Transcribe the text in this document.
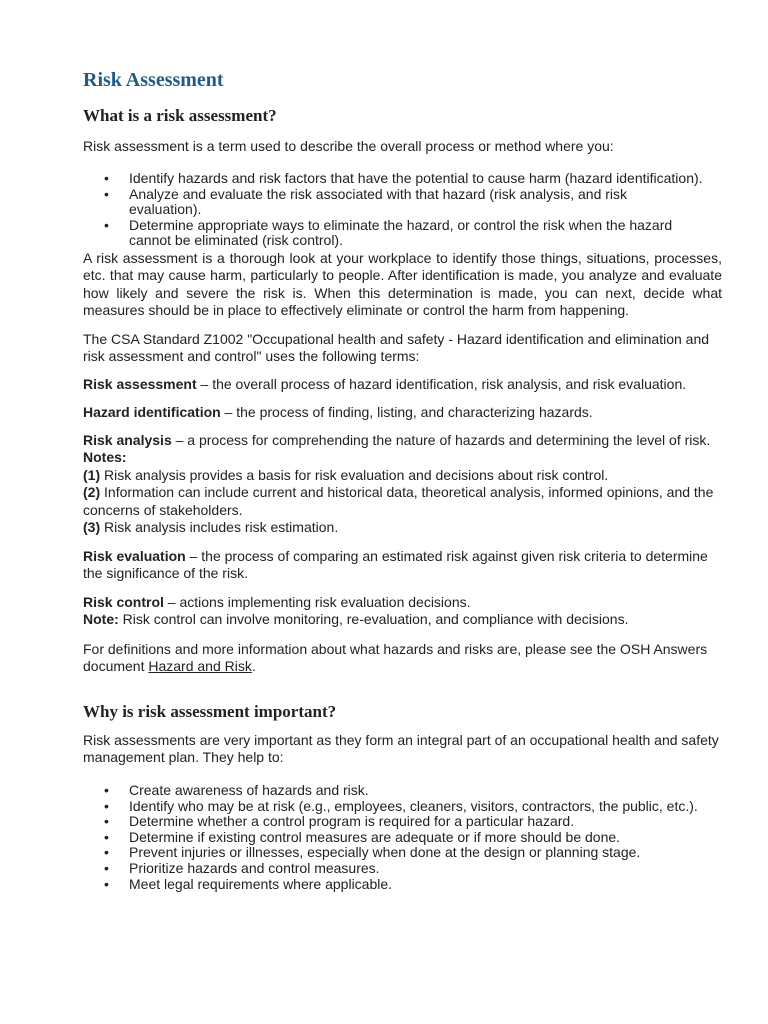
Risk Assessment
What is a risk assessment?

Risk assessment is a term used to describe the overall process or method where you:

• Identify hazards and risk factors that have the potential to cause harm (hazard identification).
• Analyze and evaluate the risk associated with that hazard (risk analysis, and risk evaluation).
• Determine appropriate ways to eliminate the hazard, or control the risk when the hazard cannot be eliminated (risk control).

A risk assessment is a thorough look at your workplace to identify those things, situations, processes, etc. that may cause harm, particularly to people. After identification is made, you analyze and evaluate how likely and severe the risk is. When this determination is made, you can next, decide what measures should be in place to effectively eliminate or control the harm from happening.

The CSA Standard Z1002 "Occupational health and safety - Hazard identification and elimination and risk assessment and control" uses the following terms:

Risk assessment – the overall process of hazard identification, risk analysis, and risk evaluation.

Hazard identification – the process of finding, listing, and characterizing hazards.

Risk analysis – a process for comprehending the nature of hazards and determining the level of risk.
Notes:
(1) Risk analysis provides a basis for risk evaluation and decisions about risk control.
(2) Information can include current and historical data, theoretical analysis, informed opinions, and the concerns of stakeholders.
(3) Risk analysis includes risk estimation.

Risk evaluation – the process of comparing an estimated risk against given risk criteria to determine the significance of the risk.

Risk control – actions implementing risk evaluation decisions.
Note: Risk control can involve monitoring, re-evaluation, and compliance with decisions.

For definitions and more information about what hazards and risks are, please see the OSH Answers document Hazard and Risk.

Why is risk assessment important?

Risk assessments are very important as they form an integral part of an occupational health and safety management plan. They help to:

• Create awareness of hazards and risk.
• Identify who may be at risk (e.g., employees, cleaners, visitors, contractors, the public, etc.).
• Determine whether a control program is required for a particular hazard.
• Determine if existing control measures are adequate or if more should be done.
• Prevent injuries or illnesses, especially when done at the design or planning stage.
• Prioritize hazards and control measures.
• Meet legal requirements where applicable.
